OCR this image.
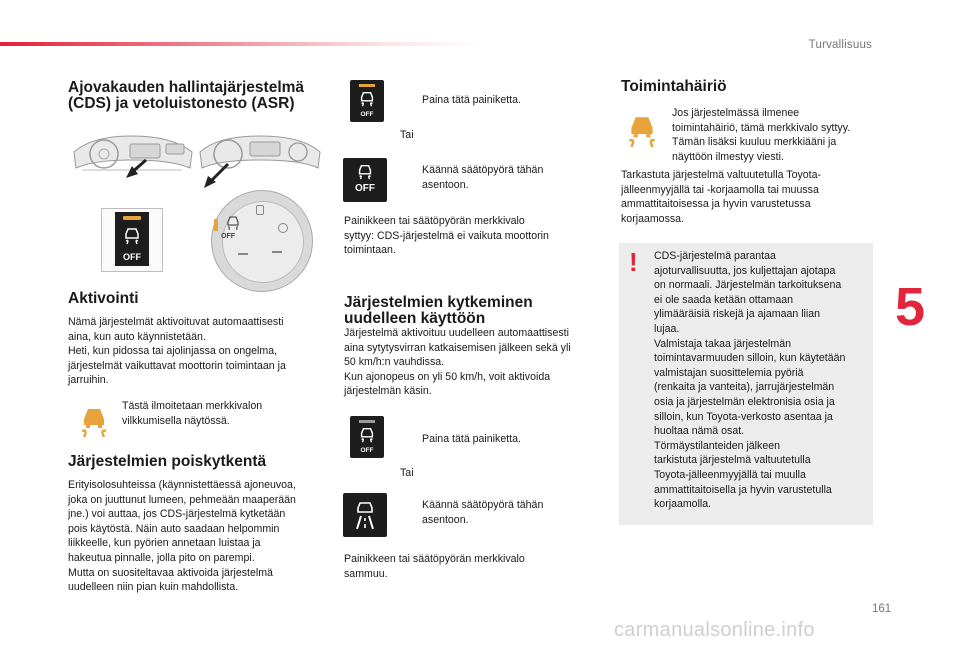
Turvallisuus
Ajovakauden hallintajärjestelmä
(CDS) ja vetoluistonesto (ASR)
OFF
OFF
Aktivointi
Nämä järjestelmät aktivoituvat automaattisesti
aina, kun auto käynnistetään.
Heti, kun pidossa tai ajolinjassa on ongelma,
järjestelmät vaikuttavat moottorin toimintaan ja
jarruihin.
Tästä ilmoitetaan merkkivalon
vilkkumisella näytössä.
Järjestelmien poiskytkentä
Erityisolosuhteissa (käynnistettäessä ajoneuvoa,
joka on juuttunut lumeen, pehmeään maaperään
jne.) voi auttaa, jos CDS-järjestelmä kytketään
pois käytöstä. Näin auto saadaan helpommin
liikkeelle, kun pyörien annetaan luistaa ja
hakeutua pinnalle, jolla pito on parempi.
Mutta on suositeltavaa aktivoida järjestelmä
uudelleen niin pian kuin mahdollista.
OFF
Paina tätä painiketta.
Tai
OFF
Käännä säätöpyörä tähän
asentoon.
Painikkeen tai säätöpyörän merkkivalo
syttyy: CDS-järjestelmä ei vaikuta moottorin
toimintaan.
Järjestelmien kytkeminen
uudelleen käyttöön
Järjestelmä aktivoituu uudelleen automaattisesti
aina sytytysvirran katkaisemisen jälkeen sekä yli
50 km/h:n vauhdissa.
Kun ajonopeus on yli 50 km/h, voit aktivoida
järjestelmän käsin.
OFF
Paina tätä painiketta.
Tai
Käännä säätöpyörä tähän
asentoon.
Painikkeen tai säätöpyörän merkkivalo
sammuu.
Toimintahäiriö
Jos järjestelmässä ilmenee
toimintahäiriö, tämä merkkivalo syttyy.
Tämän lisäksi kuuluu merkkiääni ja
näyttöön ilmestyy viesti.
Tarkastuta järjestelmä valtuutetulla Toyota-
jälleenmyyjällä tai -korjaamolla tai muussa
ammattitaitoisessa ja hyvin varustetussa
korjaamossa.
! CDS-järjestelmä parantaa
ajoturvallisuutta, jos kuljettajan ajotapa
on normaali. Järjestelmän tarkoituksena
ei ole saada ketään ottamaan
ylimääräisiä riskejä ja ajamaan liian
lujaa.
Valmistaja takaa järjestelmän
toimintavarmuuden silloin, kun käytetään
valmistajan suosittelemia pyöriä
(renkaita ja vanteita), jarrujärjestelmän
osia ja järjestelmän elektronisia osia ja
silloin, kun Toyota-verkosto asentaa ja
huoltaa nämä osat.
Törmäystilanteiden jälkeen
tarkistuta järjestelmä valtuutetulla
Toyota-jälleenmyyjällä tai muulla
ammattitaitoisella ja hyvin varustetulla
korjaamolla.
5
161
carmanualsonline.info
